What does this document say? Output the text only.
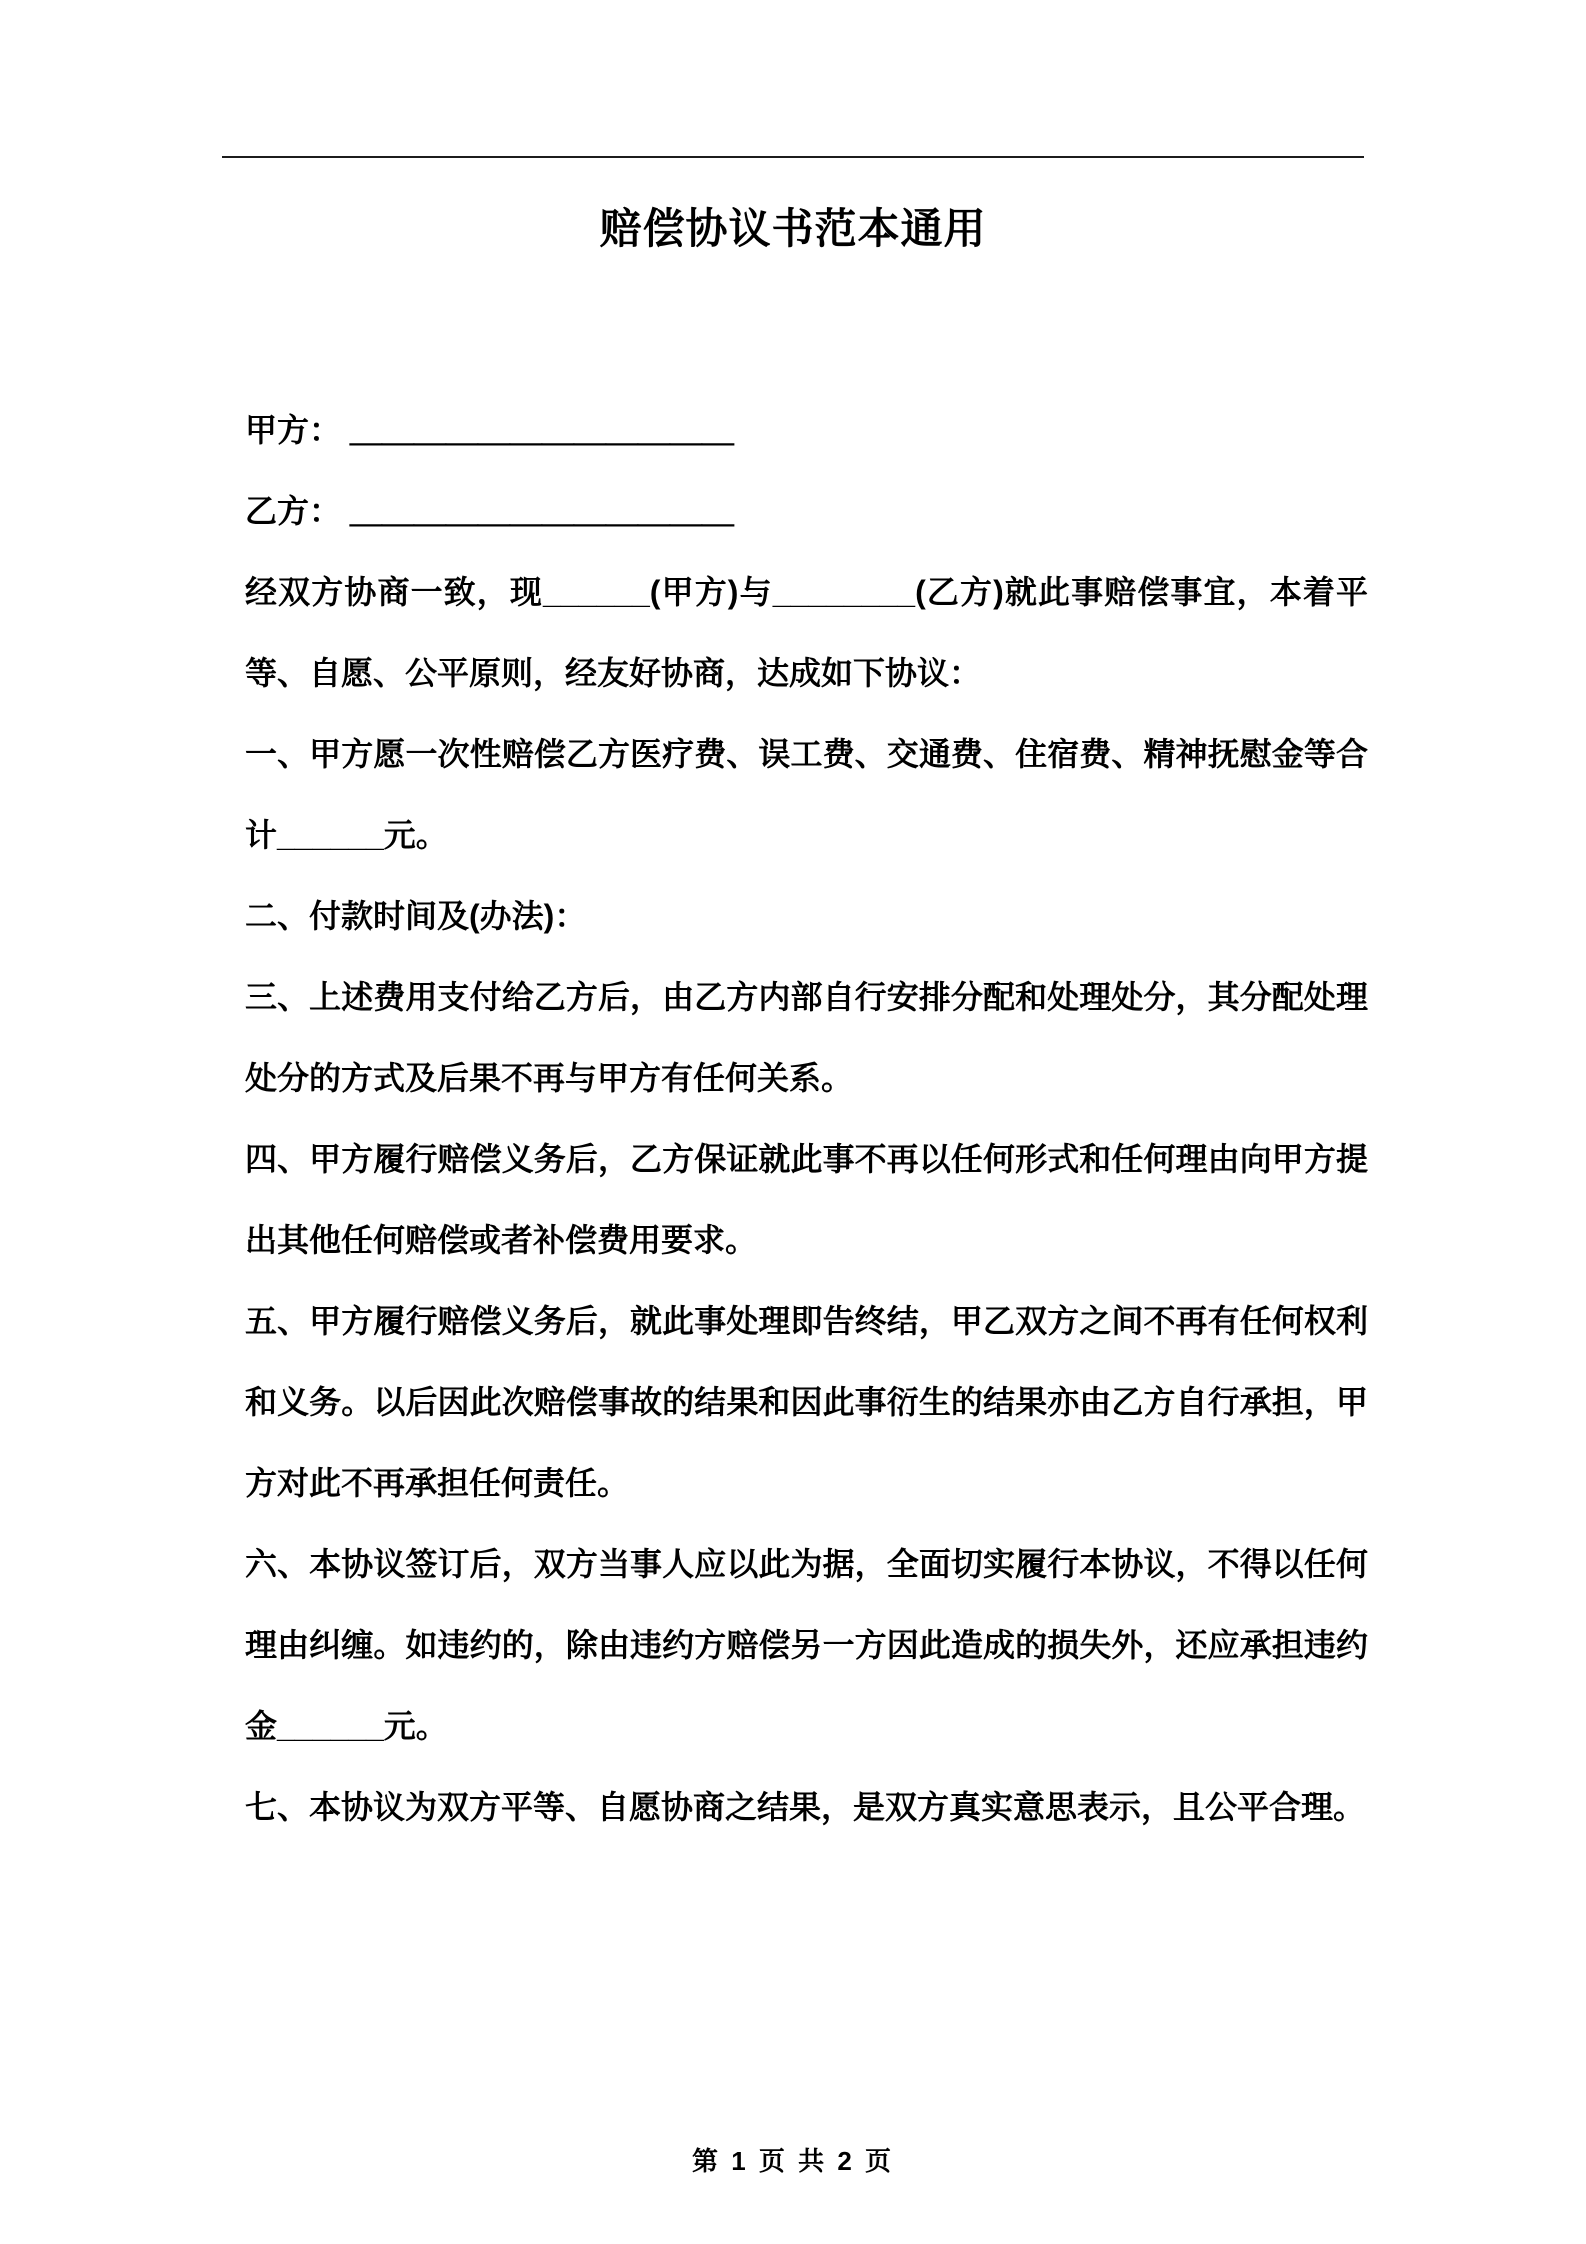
赔偿协议书范本通用

甲方： ＿＿＿＿＿＿＿＿＿＿＿＿

乙方： ＿＿＿＿＿＿＿＿＿＿＿＿

经双方协商一致，现______(甲方)与________(乙方)就此事赔偿事宜，本着平等、自愿、公平原则，经友好协商，达成如下协议：

一、甲方愿一次性赔偿乙方医疗费、误工费、交通费、住宿费、精神抚慰金等合计______元。

二、付款时间及(办法)：

三、上述费用支付给乙方后，由乙方内部自行安排分配和处理处分，其分配处理处分的方式及后果不再与甲方有任何关系。

四、甲方履行赔偿义务后，乙方保证就此事不再以任何形式和任何理由向甲方提出其他任何赔偿或者补偿费用要求。

五、甲方履行赔偿义务后，就此事处理即告终结，甲乙双方之间不再有任何权利和义务。以后因此次赔偿事故的结果和因此事衍生的结果亦由乙方自行承担，甲方对此不再承担任何责任。

六、本协议签订后，双方当事人应以此为据，全面切实履行本协议，不得以任何理由纠缠。如违约的，除由违约方赔偿另一方因此造成的损失外，还应承担违约金______元。

七、本协议为双方平等、自愿协商之结果，是双方真实意思表示，且公平合理。

第 1 页 共 2 页
